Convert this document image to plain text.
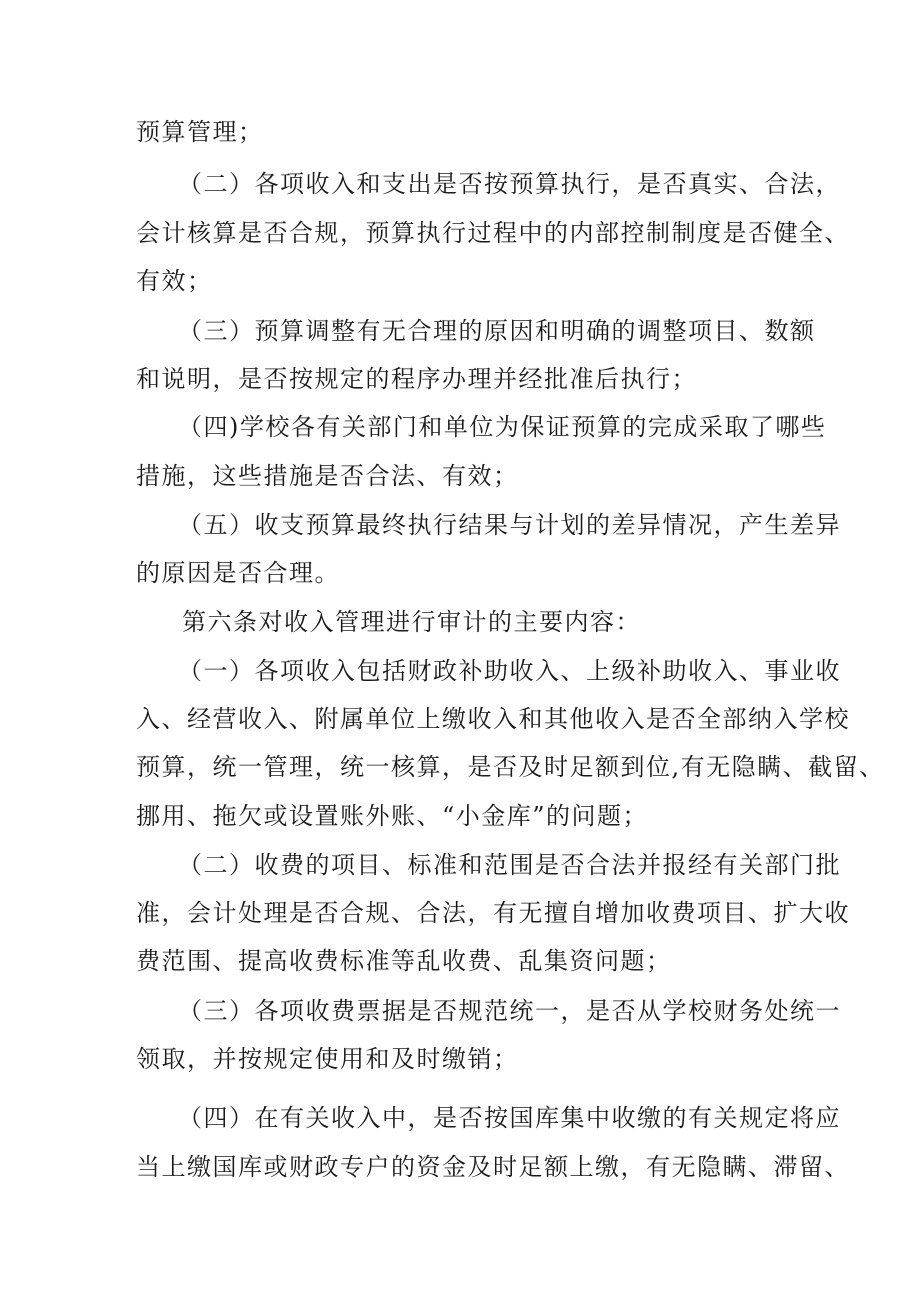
预算管理；
（二）各项收入和支出是否按预算执行，是否真实、合法，
会计核算是否合规，预算执行过程中的内部控制制度是否健全、
有效；
（三）预算调整有无合理的原因和明确的调整项目、数额
和说明，是否按规定的程序办理并经批准后执行；
（四)学校各有关部门和单位为保证预算的完成采取了哪些
措施，这些措施是否合法、有效；
（五）收支预算最终执行结果与计划的差异情况，产生差异
的原因是否合理。
第六条对收入管理进行审计的主要内容：
（一）各项收入包括财政补助收入、上级补助收入、事业收
入、经营收入、附属单位上缴收入和其他收入是否全部纳入学校
预算，统一管理，统一核算，是否及时足额到位,有无隐瞒、截留、
挪用、拖欠或设置账外账、“小金库”的问题；
（二）收费的项目、标准和范围是否合法并报经有关部门批
准，会计处理是否合规、合法，有无擅自增加收费项目、扩大收
费范围、提高收费标准等乱收费、乱集资问题；
（三）各项收费票据是否规范统一，是否从学校财务处统一
领取，并按规定使用和及时缴销；
（四）在有关收入中，是否按国库集中收缴的有关规定将应
当上缴国库或财政专户的资金及时足额上缴，有无隐瞒、滞留、
